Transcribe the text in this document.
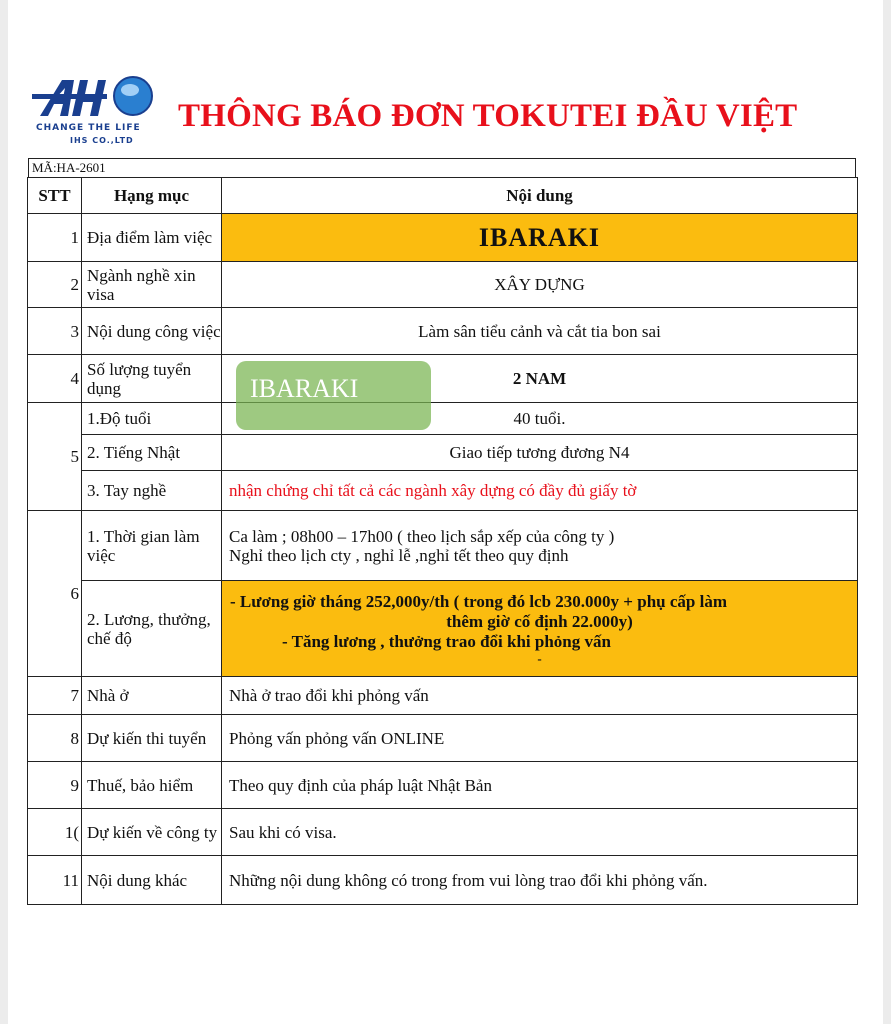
CHANGE THE LIFE
IHS CO.,LTD
THÔNG BÁO ĐƠN TOKUTEI ĐẦU VIỆT
MÃ:HA-2601
STT	Hạng mục	Nội dung
1	Địa điểm làm việc	IBARAKI
2	Ngành nghề xin visa	XÂY DỰNG
3	Nội dung công việc	Làm sân tiểu cảnh và cắt tia bon sai
4	Số lượng tuyển dụng	2 NAM
5	1.Độ tuổi	40 tuổi.
	2. Tiếng Nhật	Giao tiếp tương đương N4
	3. Tay nghề	nhận chứng chỉ tất cả các ngành xây dựng có đầy đủ giấy tờ
6	1. Thời gian làm việc	Ca làm ; 08h00 – 17h00 ( theo lịch sắp xếp của công ty )
Nghỉ theo lịch cty , nghỉ lễ ,nghỉ tết theo quy định

	2. Lương, thưởng, chế độ	- Lương giờ tháng 252,000y/th ( trong đó lcb 230.000y + phụ cấp làm
thêm giờ cố định 22.000y)
- Tăng lương , thưởng trao đổi khi phỏng vấn
-

7	Nhà ở	Nhà ở trao đổi khi phỏng vấn
8	Dự kiến thi tuyển	Phỏng vấn phỏng vấn ONLINE
9	Thuế, bảo hiểm	Theo quy định của pháp luật Nhật Bản
1(	Dự kiến về công ty	Sau khi có visa.
11	Nội dung khác	Những nội dung không có trong from vui lòng trao đổi khi phỏng vấn.
IBARAKI
